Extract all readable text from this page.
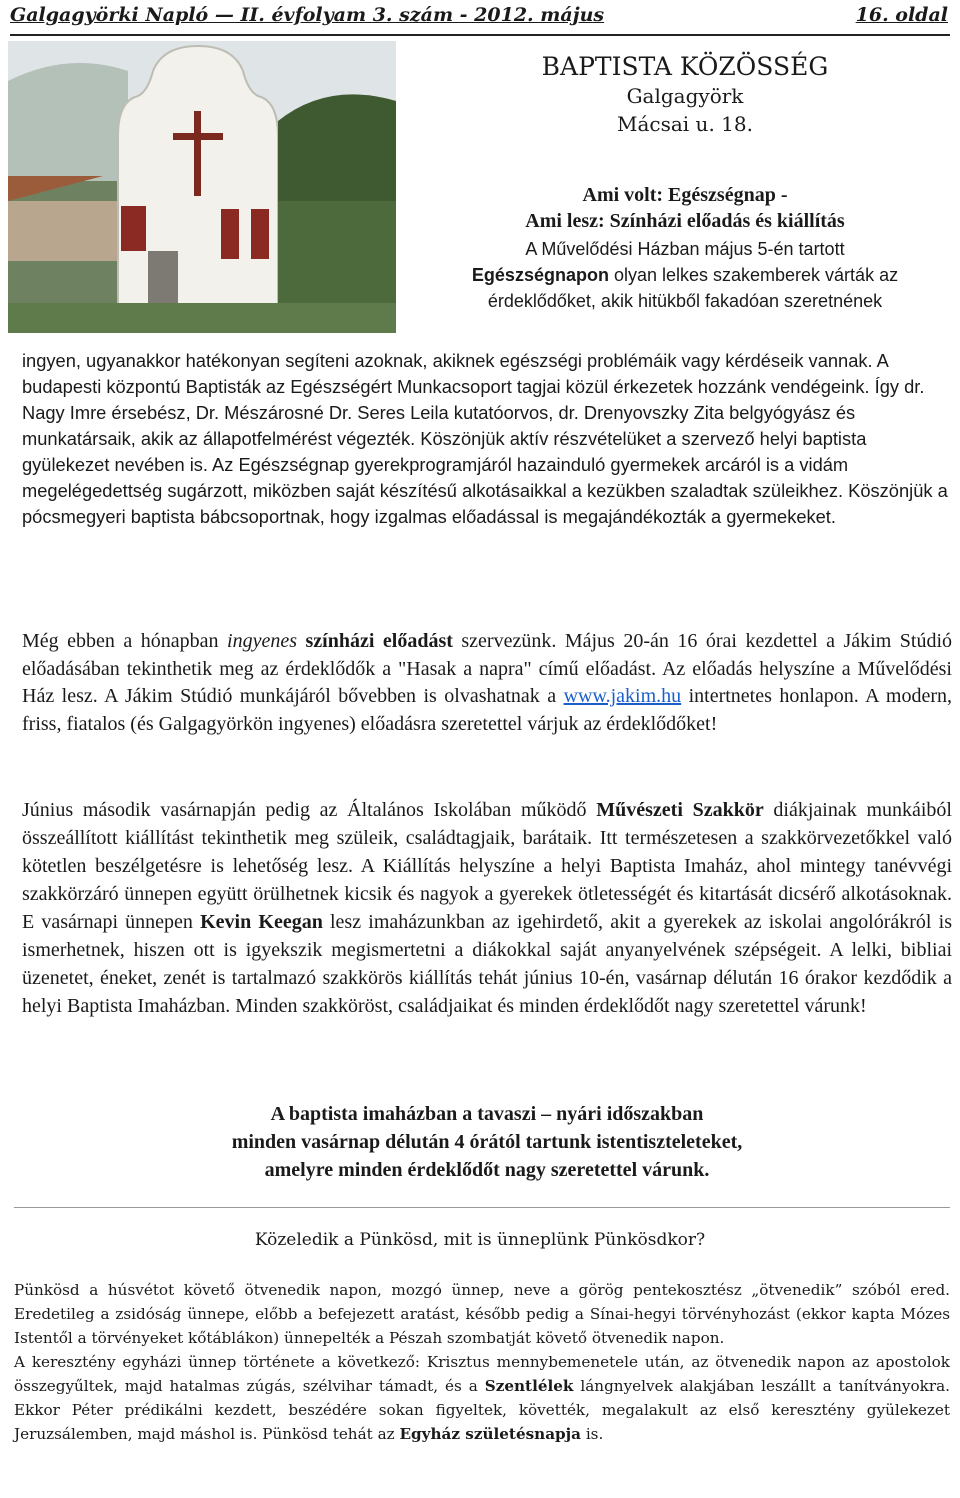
Galgagyörki Napló — II. évfolyam 3. szám - 2012. május	16. oldal
BAPTISTA KÖZÖSSÉG
Galgagyörk
Mácsai u. 18.
Ami volt: Egészségnap -
Ami lesz: Színházi előadás és kiállítás
A Művelődési Házban május 5-én tartott
Egészségnapon olyan lelkes szakemberek várták az
érdeklődőket, akik hitükből fakadóan szeretnének
ingyen, ugyanakkor hatékonyan segíteni azoknak, akiknek egészségi problémáik vagy kérdéseik vannak. A budapesti központú Baptisták az Egészségért Munkacsoport tagjai közül érkezetek hozzánk vendégeink. Így dr. Nagy Imre érsebész, Dr. Mészárosné Dr. Seres Leila kutatóorvos, dr. Drenyovszky Zita belgyógyász és munkatársaik, akik az állapotfelmérést végezték. Köszönjük aktív részvételüket a szervező helyi baptista gyülekezet nevében is. Az Egészségnap gyerekprogramjáról hazainduló gyermekek arcáról is a vidám megelégedettség sugárzott, miközben saját készítésű alkotásaikkal a kezükben szaladtak szüleikhez. Köszönjük a pócsmegyeri baptista bábcsoportnak, hogy izgalmas előadással is megajándékozták a gyermekeket.
Még ebben a hónapban ingyenes színházi előadást szervezünk. Május 20-án 16 órai kezdettel a Jákim Stúdió előadásában tekinthetik meg az érdeklődők a "Hasak a napra" című előadást. Az előadás helyszíne a Művelődési Ház lesz. A Jákim Stúdió munkájáról bővebben is olvashatnak a www.jakim.hu intertnetes honlapon. A modern, friss, fiatalos (és Galgagyörkön ingyenes) előadásra szeretettel várjuk az érdeklődőket!
Június második vasárnapján pedig az Általános Iskolában működő Művészeti Szakkör diákjainak munkáiból összeállított kiállítást tekinthetik meg szüleik, családtagjaik, barátaik. Itt természetesen a szakkörvezetőkkel való kötetlen beszélgetésre is lehetőség lesz. A Kiállítás helyszíne a helyi Baptista Imaház, ahol mintegy tanévvégi szakkörzáró ünnepen együtt örülhetnek kicsik és nagyok a gyerekek ötletességét és kitartását dicsérő alkotásoknak. E vasárnapi ünnepen Kevin Keegan lesz imaházunkban az igehirdető, akit a gyerekek az iskolai angolórákról is ismerhetnek, hiszen ott is igyekszik megismertetni a diákokkal saját anyanyelvének szépségeit. A lelki, bibliai üzenetet, éneket, zenét is tartalmazó szakkörös kiállítás tehát június 10-én, vasárnap délután 16 órakor kezdődik a helyi Baptista Imaházban. Minden szakköröst, családjaikat és minden érdeklődőt nagy szeretettel várunk!
A baptista imaházban a tavaszi – nyári időszakban
minden vasárnap délután 4 órától tartunk istentiszteleteket,
amelyre minden érdeklődőt nagy szeretettel várunk.
Közeledik a Pünkösd, mit is ünneplünk Pünkösdkor?

Pünkösd a húsvétot követő ötvenedik napon, mozgó ünnep, neve a görög pentekosztész „ötvenedik” szóból ered. Eredetileg a zsidóság ünnepe, előbb a befejezett aratást, később pedig a Sínai-hegyi törvényhozást (ekkor kapta Mózes Istentől a törvényeket kőtáblákon) ünnepelték a Pészah szombatját követő ötvenedik napon.

A keresztény egyházi ünnep története a következő: Krisztus mennybemenetele után, az ötvenedik napon az apostolok összegyűltek, majd hatalmas zúgás, szélvihar támadt, és a Szentlélek lángnyelvek alakjában leszállt a tanítványokra. Ekkor Péter prédikálni kezdett, beszédére sokan figyeltek, követték, megalakult az első keresztény gyülekezet Jeruzsálemben, majd máshol is. Pünkösd tehát az Egyház születésnapja is.
